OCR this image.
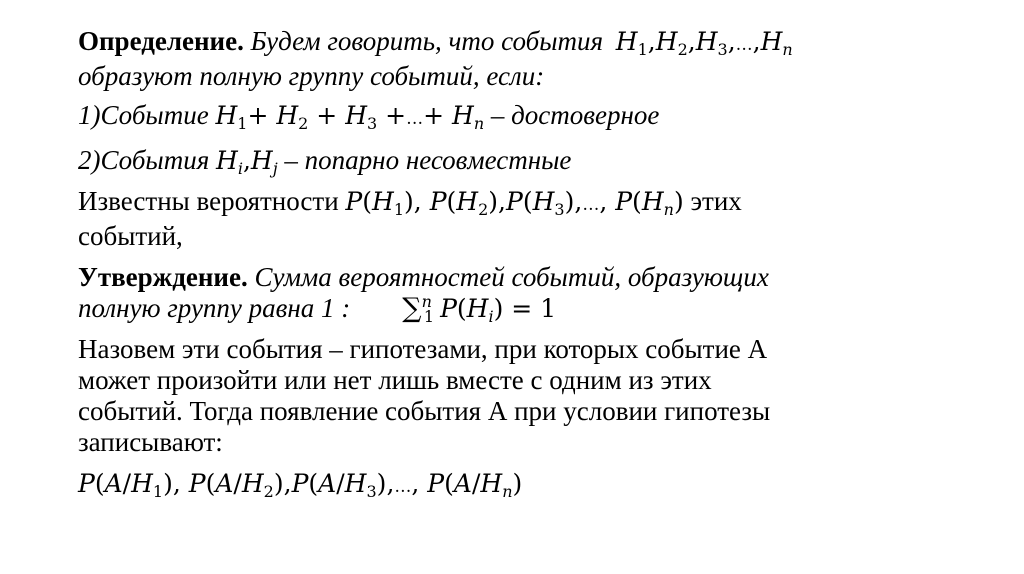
Определение. Будем говорить, что события $H_1,H_2,H_3,\dots,H_n$
образуют полную группу событий, если:
1)Событие $H_1+ H_2 + H_3$ +…+ $H_n$ – достоверное
2)События $H_i,H_j$ – попарно несовместные
Известны вероятности $P(H_1)$, $P(H_2),P(H_3),\dots$, $P(H_n)$ этих
событий,
Утверждение. Сумма вероятностей событий, образующих
полную группу равна 1 : ∑$^n_1$ $P(H_i) = 1$
Назовем эти события – гипотезами, при которых событие А
может произойти или нет лишь вместе с одним из этих
событий. Тогда появление события А при условии гипотезы
записывают:
$P(A/H_1)$, $P(A/H_2),P(A/H_3),\dots$, $P(A/H_n)$
